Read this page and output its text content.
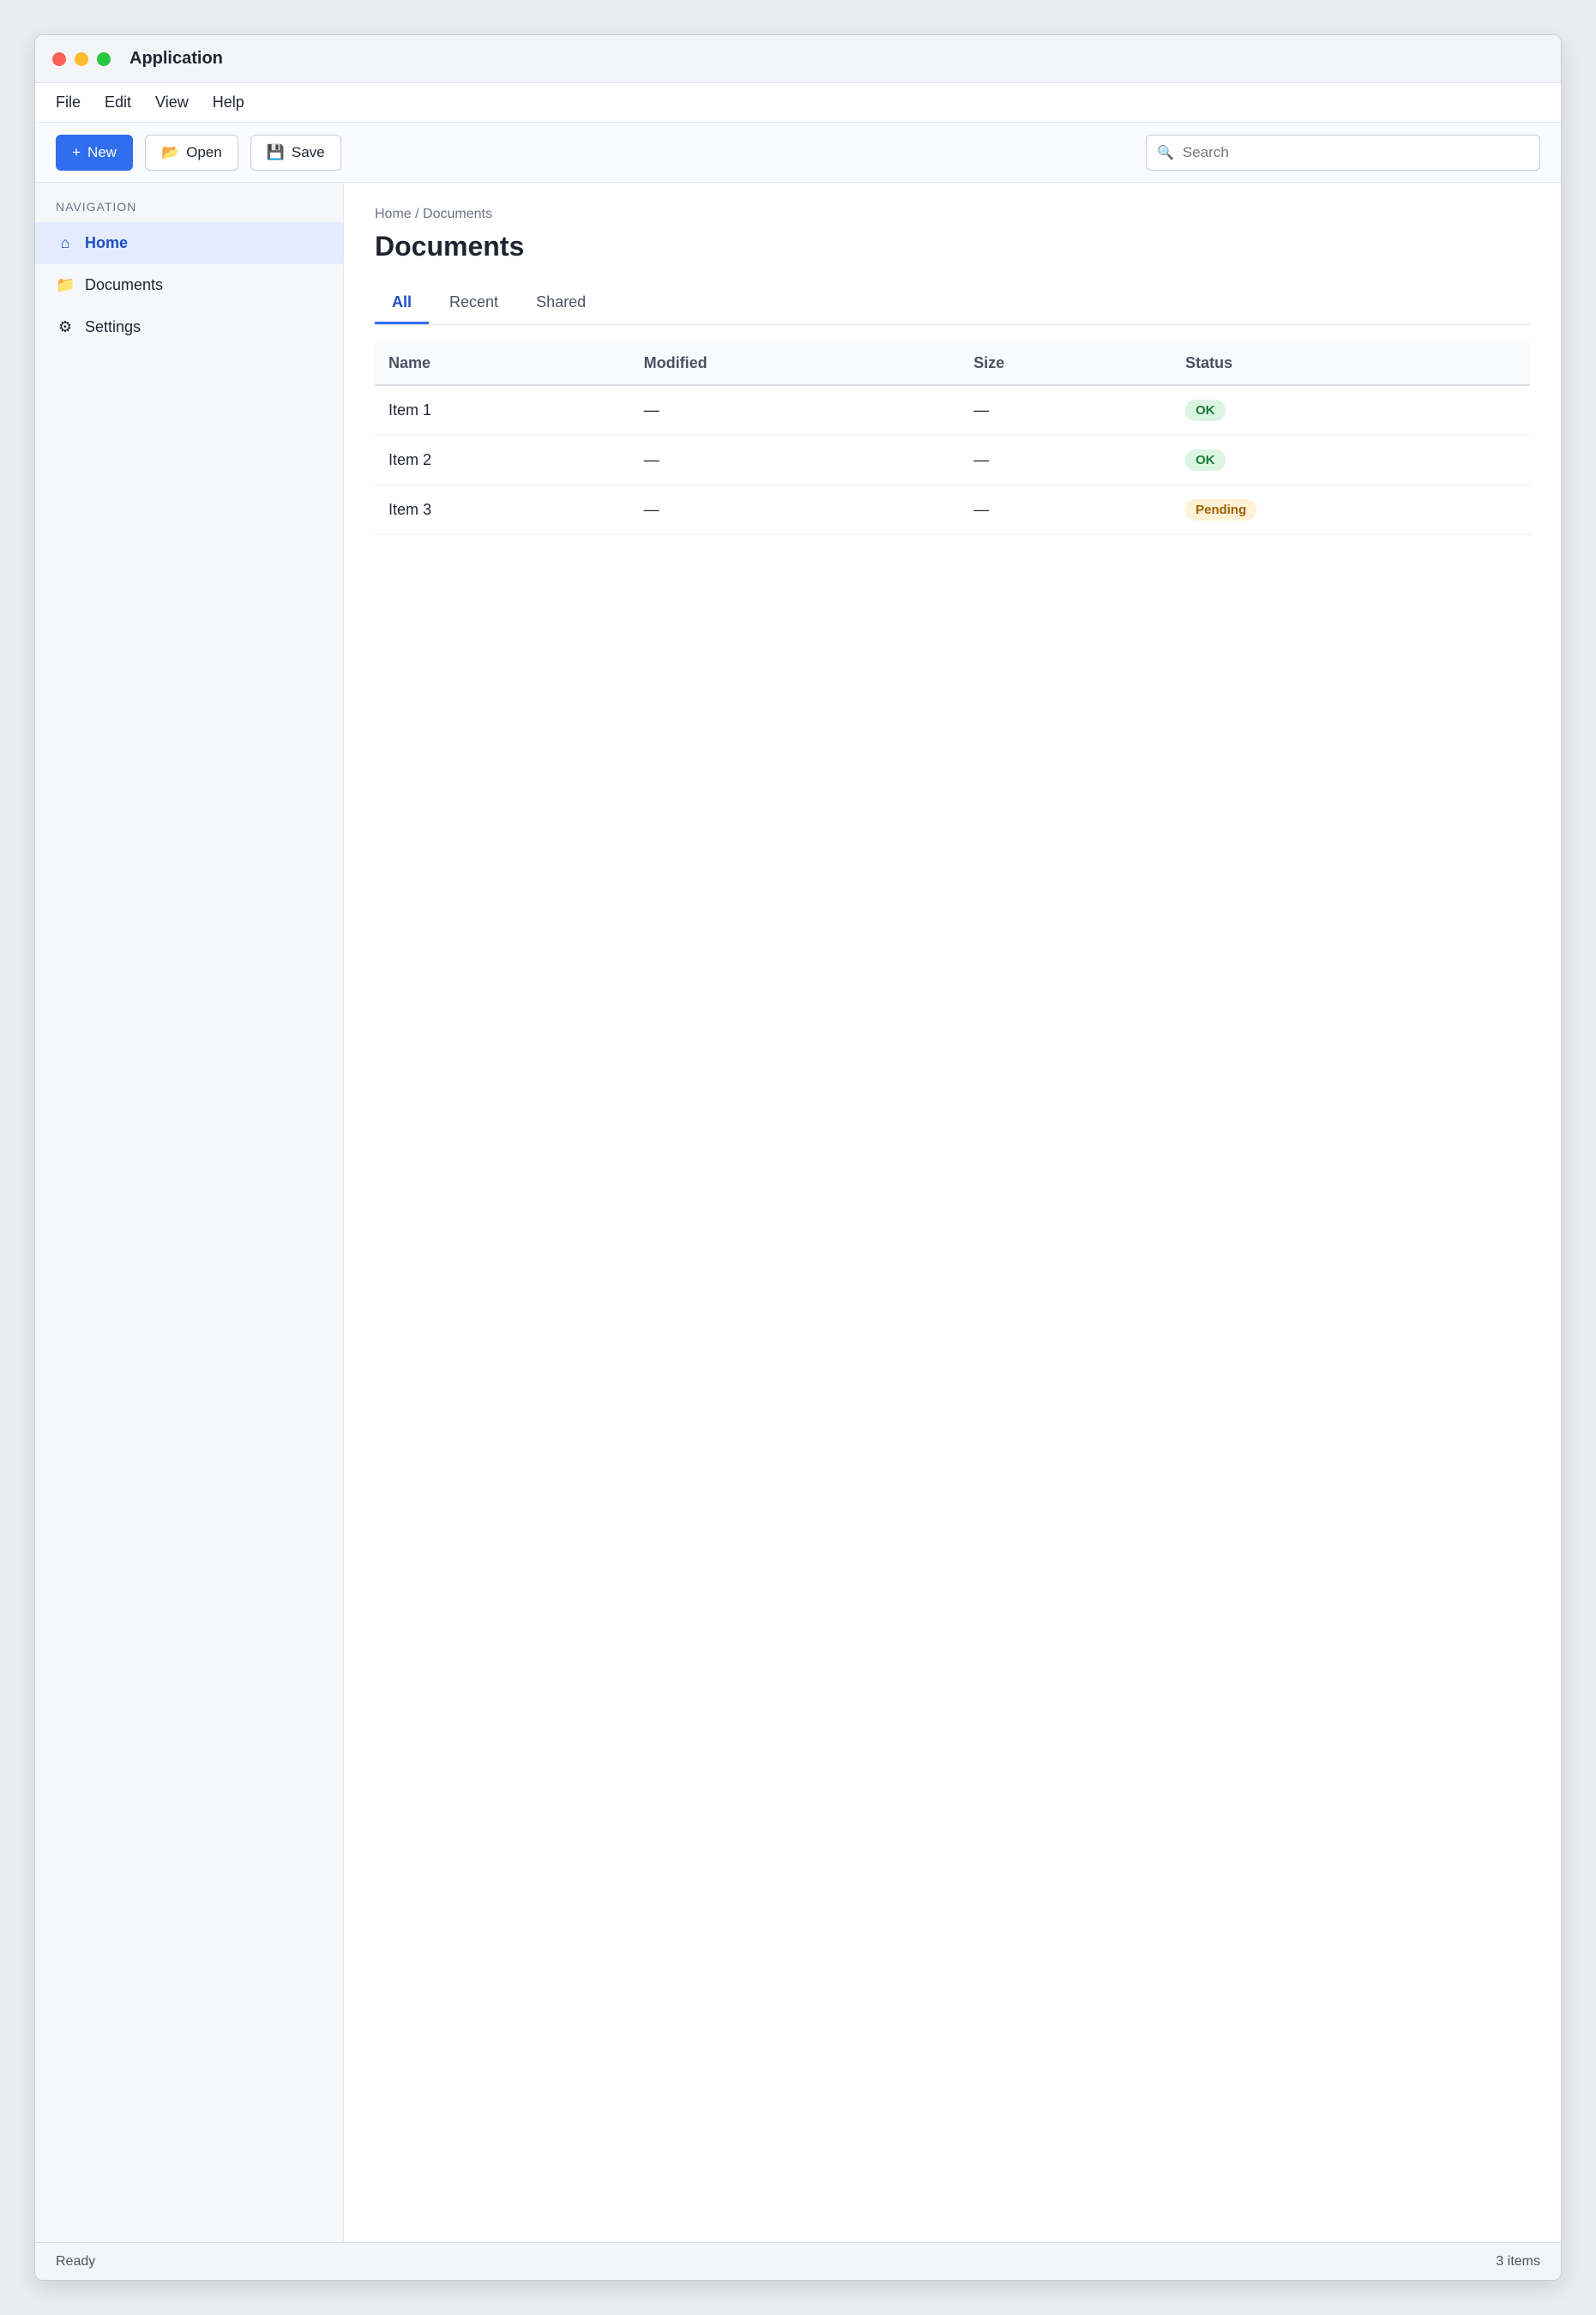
Application
File Edit View Help
+ New	📂 Open	💾 Save	🔍
Search
NAVIGATION
⌂ Home
📁 Documents
⚙ Settings
Home / Documents
Documents
All	Recent	Shared
Name	Modified	Size	Status
Item 1	—	—	OK
Item 2	—	—	OK
Item 3	—	—	Pending
Ready	3 items
